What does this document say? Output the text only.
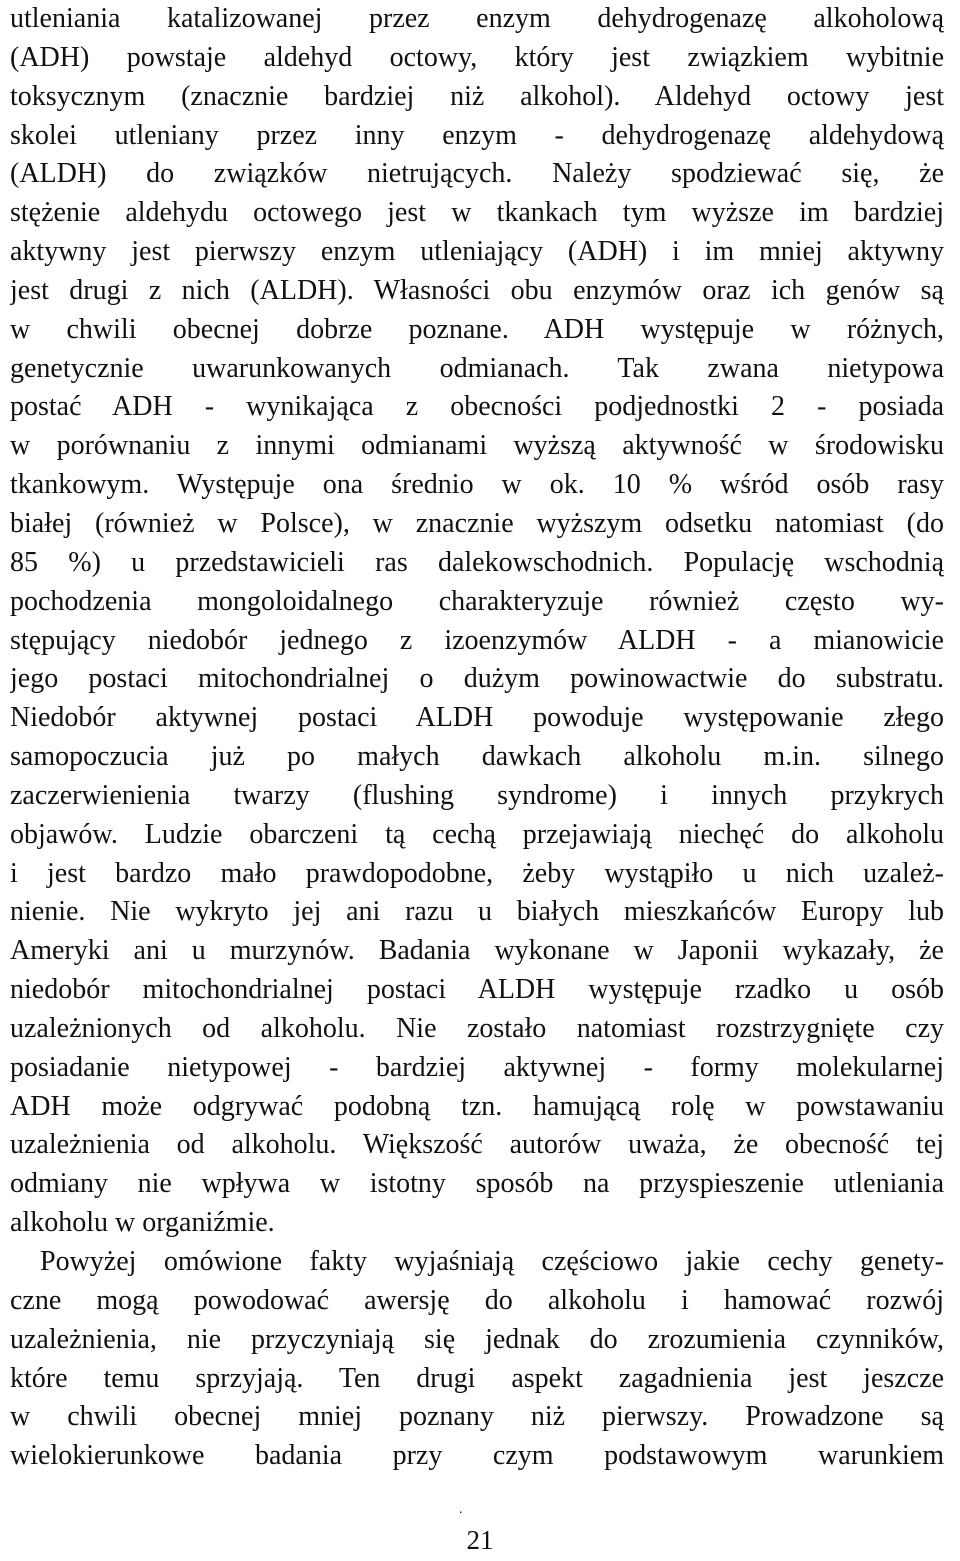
utleniania katalizowanej przez enzym dehydrogenazę alkoholową
(ADH) powstaje aldehyd octowy, który jest związkiem wybitnie
toksycznym (znacznie bardziej niż alkohol). Aldehyd octowy jest
skolei utleniany przez inny enzym - dehydrogenazę aldehydową
(ALDH) do związków nietrujących. Należy spodziewać się, że
stężenie aldehydu octowego jest w tkankach tym wyższe im bardziej
aktywny jest pierwszy enzym utleniający (ADH) i im mniej aktywny
jest drugi z nich (ALDH). Własności obu enzymów oraz ich genów są
w chwili obecnej dobrze poznane. ADH występuje w różnych,
genetycznie uwarunkowanych odmianach. Tak zwana nietypowa
postać ADH - wynikająca z obecności podjednostki 2 - posiada
w porównaniu z innymi odmianami wyższą aktywność w środowisku
tkankowym. Występuje ona średnio w ok. 10 % wśród osób rasy
białej (również w Polsce), w znacznie wyższym odsetku natomiast (do
85 %) u przedstawicieli ras dalekowschodnich. Populację wschodnią
pochodzenia mongoloidalnego charakteryzuje również często wy-
stępujący niedobór jednego z izoenzymów ALDH - a mianowicie
jego postaci mitochondrialnej o dużym powinowactwie do substratu.
Niedobór aktywnej postaci ALDH powoduje występowanie złego
samopoczucia już po małych dawkach alkoholu m.in. silnego
zaczerwienienia twarzy (flushing syndrome) i innych przykrych
objawów. Ludzie obarczeni tą cechą przejawiają niechęć do alkoholu
i jest bardzo mało prawdopodobne, żeby wystąpiło u nich uzależ-
nienie. Nie wykryto jej ani razu u białych mieszkańców Europy lub
Ameryki ani u murzynów. Badania wykonane w Japonii wykazały, że
niedobór mitochondrialnej postaci ALDH występuje rzadko u osób
uzależnionych od alkoholu. Nie zostało natomiast rozstrzygnięte czy
posiadanie nietypowej - bardziej aktywnej - formy molekularnej
ADH może odgrywać podobną tzn. hamującą rolę w powstawaniu
uzależnienia od alkoholu. Większość autorów uważa, że obecność tej
odmiany nie wpływa w istotny sposób na przyspieszenie utleniania
alkoholu w organiźmie.
Powyżej omówione fakty wyjaśniają częściowo jakie cechy genety-
czne mogą powodować awersję do alkoholu i hamować rozwój
uzależnienia, nie przyczyniają się jednak do zrozumienia czynników,
które temu sprzyjają. Ten drugi aspekt zagadnienia jest jeszcze
w chwili obecnej mniej poznany niż pierwszy. Prowadzone są
wielokierunkowe badania przy czym podstawowym warunkiem
.
21
